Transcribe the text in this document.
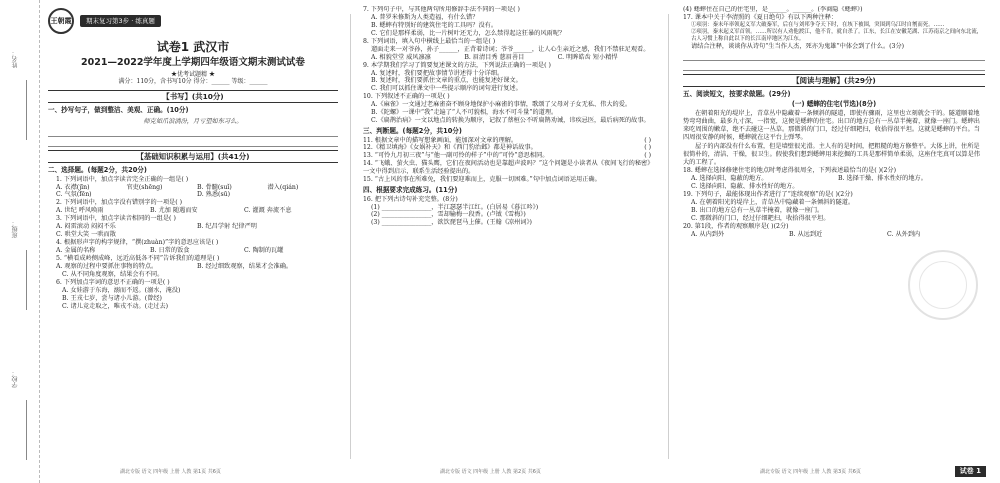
姓名：
班级：
学校：
王朝霞	期末复习第3步 · 练真题
试卷1 武汉市
2021—2022学年度上学期四年级语文期末测试试卷
★优考试题精 ★
满分：110分，含书写10分 得分：______ 等级：______
【书写】(共10分)
一、抄写句子，做到整洁、美观、正确。(10分)
师克如爪浪淌汾，月亏望如东习么。
【基础知识积累与运用】(共41分)
二、选择题。(每题2分，共20分)

1. 下列词语中，加点字读音完全正确的一组是( )

A. 衣襟(jīn)	官吏(shēng)	B. 骨髓(suǐ)	潜入(qián)
C. 气氛(fēn)	D. 熟悉(sū)

2. 下列词语中，加点字没有错别字的一项是( )

A. 世纪 呼风唤雨	B. 尤加 随遇而安	C. 灌溉 奔流不息

3. 下列词语中，加点字读音相同的一组是( )

A. 闷雷滚动 闷闷不乐	B. 纪昌学射 纪律严明
C. 哄堂大笑 一哄而散

4. 根据形声字的构字规律，“撰(zhuàn)”字的意思应该是( )

A. 金属的名称	B. 日常的饭食	C. 陶制的瓦罐

5. “横看成岭侧成峰，远近高低各不同”告诉我们的道理是( )

A. 观察的过程中要抓住事物的特点。	B. 经过细致观察，结果才会准确。

C. 从不同角度观察，结果会有不同。

6. 下列加点字词的意思不正确的一项是( )

A. 女娃游于东海，溺而不返。(溺水，淹没)

B. 王戎七岁，尝与诸小儿游。(曾经)

C. 诸儿竞走取之，唯戎不动。(走过去)

7. 下列句子中，与其他两句所用修辞手法不同的一项是( )

A. 普罗米修斯为人类造福，有什么错？

B. 蟋蟀有特别好的建筑住宅的工具吗？没有。

C. 它们是那样柔弱，比一片树叶还无力，怎么禁得起这狂暴的风雨呢？

8. 下列词语，填入句中横线上最恰当的一组是( )

遛面走来一对爷孙，孙子______，正背着诗词；爷爷______，让人心生亲近之感，我们不禁驻足观看。

A. 相貌堂堂 威风凛凛	B. 眉清目秀 慈眉善目	C. 明眸皓齿 短小精悍

9. 本学期我们学习了简要复述课文的方法，下列说法正确的一项是( )

A. 复述时，我们要把故事情节讲述得十分详细。

B. 复述时，我们要抓住文章的重点，也能复述好课文。

C. 我们可以抓住课文中一些提示顺序的词句进行复述。

10. 下列叙述不正确的一项是( )

A.《麻雀》一文通过老麻雀奋不顾身地保护小麻雀的事情，歌颂了父母对子女无私、伟大的爱。

B.《陀螺》一课中“我”走遍了“人不可貌相，海水不可斗量”的道理。

C.《扁鹊治病》一文以地点的转换为顺序，记叙了蔡桓公不听扁鹊劝诫，讳疾忌医，最后病死的故事。

三、判断题。(每题2分，共10分)

11. 根据文章中的描写想象画面，能加深对文章的理解。	( )

12.《精卫填海》《女娲补天》和《西门豹治邺》都是神话故事。	( )

13. “可怜九月初三夜”与“他一副可怜的样子”中的“可怜”意思相同。	( )

14. “飞蛾、萤火虫、猫头鹰，它们在夜间活动也是靠超声波吗？”这个问题是小读者从《夜间飞行的秘密》一文中得到启示，联系生活经验提出的。

15. “古上风的事在所难免，我们要迎难而上，克服一切困难。”句中加点词语运用正确。

四、根据要求完成练习。(11分)

16. 把下列古诗句补充完整。(8分)

(1) ________________，半江瑟瑟半江红。(白居易《暮江吟》)

(2) ________________，雪却输梅一段香。(卢钺《雪梅》)

(3) ________________，欲饮琵琶马上催。(王翰《凉州词》)

(4) 蟋蟀住在自己的住宅里，是______。______。(李商隐《蟋蟀》)

17. 课本中关于李清照的《夏日绝句》有以下两种注释：

①项羽：秦末年率领起义军大破秦军，后在与刘邦争夺天下时，在垓下被围，突围到乌江时自刎而死。……

②项羽，秦末起义军首领。……所以有人劝他渡江，他不肯，就自杀了。江东，长江在安徽芜湖、江苏南京之间向东北流，古人习惯上称自此以下的长江南岸地区为江东。

请结合注释，谈谈你从诗句“生当作人杰，死亦为鬼雄”中体会到了什么。(3分)

【阅读与理解】(共29分)
五、阅读短文，按要求做题。(29分)
(一) 蟋蟀的住宅(节选)(8分)

在朝着阳光的堤岸上，青草丛中隐藏着一条倾斜的隧道，即使有骤雨，这里也立刻就会干的。隧道顺着地势弯弯曲曲，最多九寸深，一指宽，这便是蟋蟀的住宅。出口的地方总有一丛草半掩着，就像一座门。蟋蟀出来吃周围的嫩草，绝不去碰这一丛草。那微斜的门口，经过仔细耙扫，收拾得很平坦。这就是蟋蟀的平台。当四周很安静的时候，蟋蟀就在这平台上弹琴。

屋子的内部没有什么布置，但是墙壁很光滑。主人有的是时间，把粗糙的地方修整平。大体上讲，住所是很简朴的，清洁、干燥，很卫生。假使我们想到蟋蟀用来挖掘的工具是那样简单柔弱，这座住宅真可以算是伟大的工程了。

18. 蟋蟀在选择修建住宅的地点时考虑得很周全，下列表述最恰当的是( )(2分)

A. 选择向阳、隐蔽的地方。	B. 选择干燥、排水性好的地方。

C. 选择向阳、隐蔽、排水性好的地方。

19. 下列句子，最能体现出作者进行了“连续观察”的是( )(2分)

A. 在朝着阳光的堤岸上，青草丛中隐藏着一条倾斜的隧道。

B. 出口的地方总有一丛草半掩着，就像一座门。

C. 那微斜的门口，经过仔细耙扫，收拾得很平坦。

20. 第1段，作者的观察顺序是( )(2分)

A. 从内到外	B. 从远到近	C. 从外到内
湖北专版 语文 四年级 上册 人教 第1页 共6页	湖北专版 语文 四年级 上册 人教 第2页 共6页	湖北专版 语文 四年级 上册 人教 第3页 共6页	试卷 1
